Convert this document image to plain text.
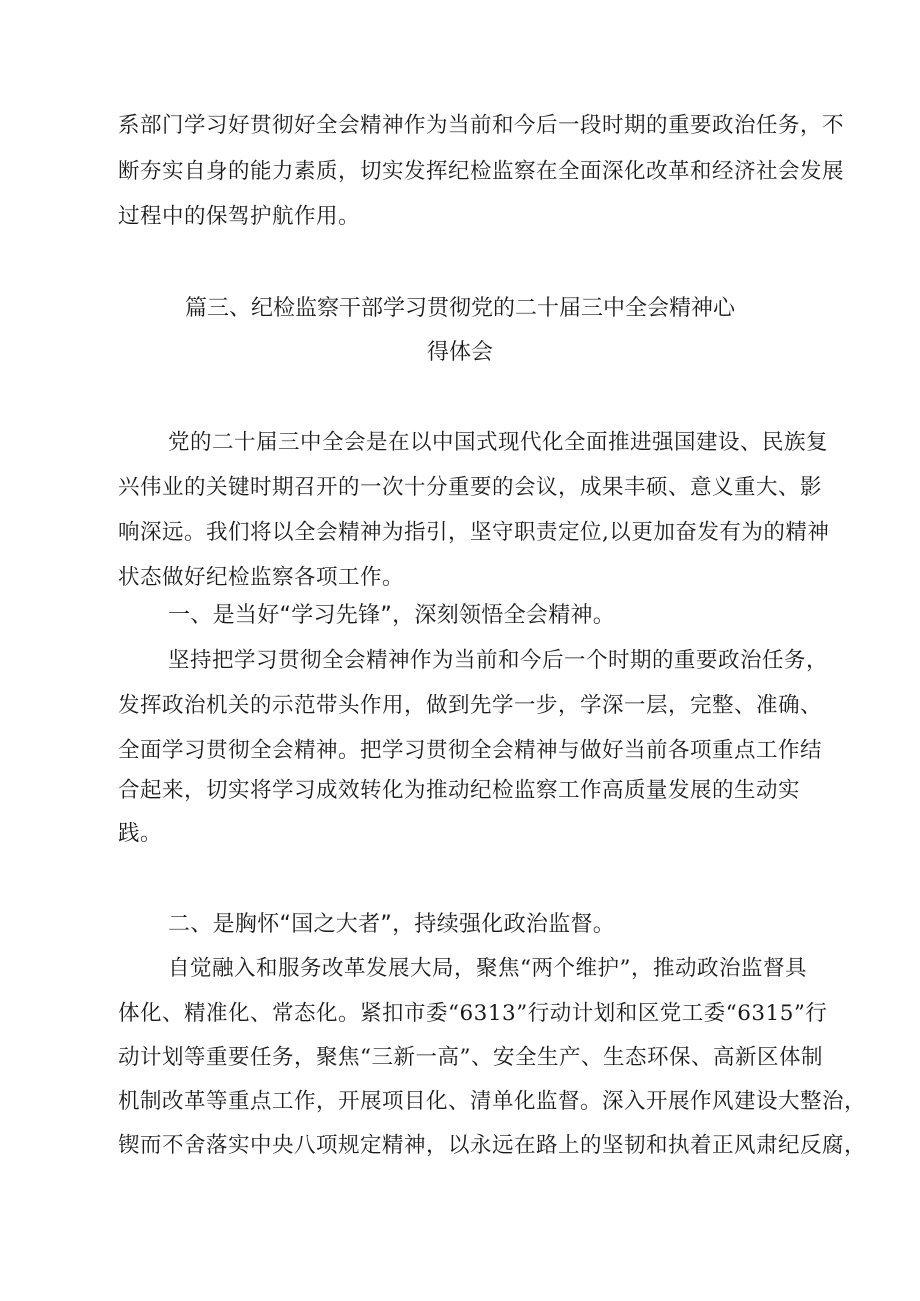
系部门学习好贯彻好全会精神作为当前和今后一段时期的重要政治任务，不
断夯实自身的能力素质，切实发挥纪检监察在全面深化改革和经济社会发展
过程中的保驾护航作用。
篇三、纪检监察干部学习贯彻党的二十届三中全会精神心
得体会
党的二十届三中全会是在以中国式现代化全面推进强国建设、民族复
兴伟业的关键时期召开的一次十分重要的会议，成果丰硕、意义重大、影
响深远。我们将以全会精神为指引，坚守职责定位,以更加奋发有为的精神
状态做好纪检监察各项工作。
一、是当好“学习先锋”，深刻领悟全会精神。
坚持把学习贯彻全会精神作为当前和今后一个时期的重要政治任务，
发挥政治机关的示范带头作用，做到先学一步，学深一层，完整、准确、
全面学习贯彻全会精神。把学习贯彻全会精神与做好当前各项重点工作结
合起来，切实将学习成效转化为推动纪检监察工作高质量发展的生动实
践。
二、是胸怀“国之大者”，持续强化政治监督。
自觉融入和服务改革发展大局，聚焦“两个维护”，推动政治监督具
体化、精准化、常态化。紧扣市委“6313”行动计划和区党工委“6315”行
动计划等重要任务，聚焦“三新一高”、安全生产、生态环保、高新区体制
机制改革等重点工作，开展项目化、清单化监督。深入开展作风建设大整治，
锲而不舍落实中央八项规定精神，以永远在路上的坚韧和执着正风肃纪反腐，
